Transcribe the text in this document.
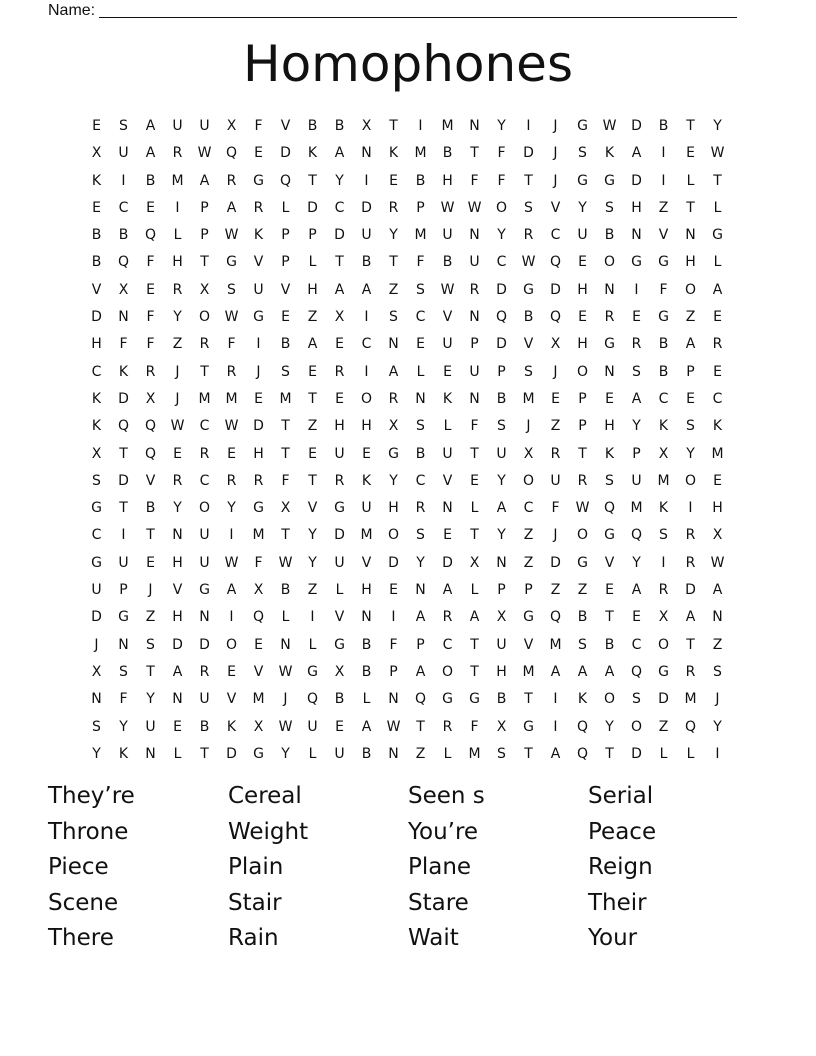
Name:
Homophones
E	S	A	U	U	X	F	V	B	B	X	T	I	M	N	Y	I	J	G	W	D	B	T	Y
X	U	A	R	W	Q	E	D	K	A	N	K	M	B	T	F	D	J	S	K	A	I	E	W
K	I	B	M	A	R	G	Q	T	Y	I	E	B	H	F	F	T	J	G	G	D	I	L	T
E	C	E	I	P	A	R	L	D	C	D	R	P	W W	O	S	V	Y	S	H	Z	T	L
B	B	Q	L	P	W	K	P	P	D	U	Y	M	U	N	Y	R	C	U	B	N	V	N	G
B	Q	F	H	T	G	V	P	L	T	B	T	F	B	U	C	W	Q	E	O	G	G	H	L
V	X	E	R	X	S	U	V	H	A	A	Z	S	W	R	D	G	D	H	N	I	F	O	A
D	N	F	Y	O	W	G	E	Z	X	I	S	C	V	N	Q	B	Q	E	R	E	G	Z	E
H	F	F	Z	R	F	I	B	A	E	C	N	E	U	P	D	V	X	H	G	R	B	A	R
C	K	R	J	T	R	J	S	E	R	I	A	L	E	U	P	S	J	O	N	S	B	P	E
K	D	X	J	M	M	E	M	T	E	O	R	N	K	N	B	M	E	P	E	A	C	E	C
K	Q	Q	W	C	W	D	T	Z	H	H	X	S	L	F	S	J	Z	P	H	Y	K	S	K
X	T	Q	E	R	E	H	T	E	U	E	G	B	U	T	U	X	R	T	K	P	X	Y	M
S	D	V	R	C	R	R	F	T	R	K	Y	C	V	E	Y	O	U	R	S	U	M	O	E
G	T	B	Y	O	Y	G	X	V	G	U	H	R	N	L	A	C	F	W	Q	M	K	I	H
C	I	T	N	U	I	M	T	Y	D	M	O	S	E	T	Y	Z	J	O	G	Q	S	R	X
G	U	E	H	U	W	F	W	Y	U	V	D	Y	D	X	N	Z	D	G	V	Y	I	R	W
U	P	J	V	G	A	X	B	Z	L	H	E	N	A	L	P	P	Z	Z	E	A	R	D	A
D	G	Z	H	N	I	Q	L	I	V	N	I	A	R	A	X	G	Q	B	T	E	X	A	N
J	N	S	D	D	O	E	N	L	G	B	F	P	C	T	U	V	M	S	B	C	O	T	Z
X	S	T	A	R	E	V	W	G	X	B	P	A	O	T	H	M	A	A	A	Q	G	R	S
N	F	Y	N	U	V	M	J	Q	B	L	N	Q	G	G	B	T	I	K	O	S	D	M	J
S	Y	U	E	B	K	X	W	U	E	A	W	T	R	F	X	G	I	Q	Y	O	Z	Q	Y
Y	K	N	L	T	D	G	Y	L	U	B	N	Z	L	M	S	T	A	Q	T	D	L	L	I
They’re	Cereal	Seen s	Serial
Throne	Weight	You’re	Peace
Piece	Plain	Plane	Reign
Scene	Stair	Stare	Their
There	Rain	Wait	Your
